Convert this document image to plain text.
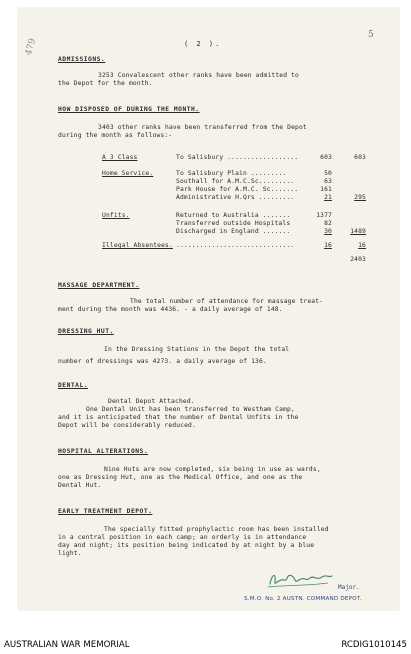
5
479	( 2 ).
ADMISSIONS.
3253 Convalescent other ranks have been admitted to
the Depot for the month.
HOW DISPOSED OF DURING THE MONTH.
3403 other ranks have been transferred from the Depot
during the month as follows:-
A 3 Class	To Salisbury ..................	603	603
Home Service.	To Salisbury Plain .........	50
Southall for A.M.C.Sc.........	63
Park House for A.M.C. Sc.......	161
Administrative H.Qrs .........	21	295
Unfits.	Returned to Australia .......	1377
Transferred outside Hospitals	82
Discharged in England .......	30	1489
Illegal Absentees. ..............................	16	16
2403
MASSAGE DEPARTMENT.
The total number of attendance for massage treat-
ment during the month was 4436. - a daily average of 148.
DRESSING HUT.
In the Dressing Stations in the Depot the total
number of dressings was 4273. a daily average of 136.
DENTAL.
Dental Depot Attached.
One Dental Unit has been transferred to Westham Camp,
and it is anticipated that the number of Dental Unfits in the
Depot will be considerably reduced.
HOSPITAL ALTERATIONS.
Nine Huts are now completed, six being in use as wards,
one as Dressing Hut, one as the Medical Office, and one as the
Dental Hut.
EARLY TREATMENT DEPOT.
The specially fitted prophylactic room has been installed
in a central position in each camp; an orderly is in attendance
day and night; its position being indicated by at night by a blue
light.
Major.
S.M.O. No. 2 AUSTN. COMMAND DEPOT.
AUSTRALIAN WAR MEMORIAL	RCDIG1010145
